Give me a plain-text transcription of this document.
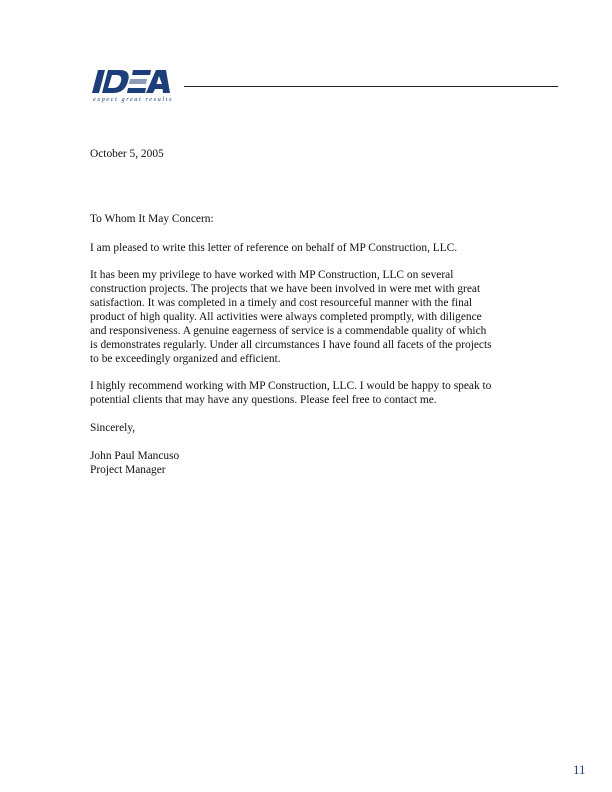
expect great results
October 5, 2005
To Whom It May Concern:
I am pleased to write this letter of reference on behalf of MP Construction, LLC.
It has been my privilege to have worked with MP Construction, LLC on several
construction projects. The projects that we have been involved in were met with great
satisfaction. It was completed in a timely and cost resourceful manner with the final
product of high quality. All activities were always completed promptly, with diligence
and responsiveness. A genuine eagerness of service is a commendable quality of which
is demonstrates regularly. Under all circumstances I have found all facets of the projects
to be exceedingly organized and efficient.
I highly recommend working with MP Construction, LLC. I would be happy to speak to
potential clients that may have any questions. Please feel free to contact me.
Sincerely,
John Paul Mancuso
Project Manager
11
